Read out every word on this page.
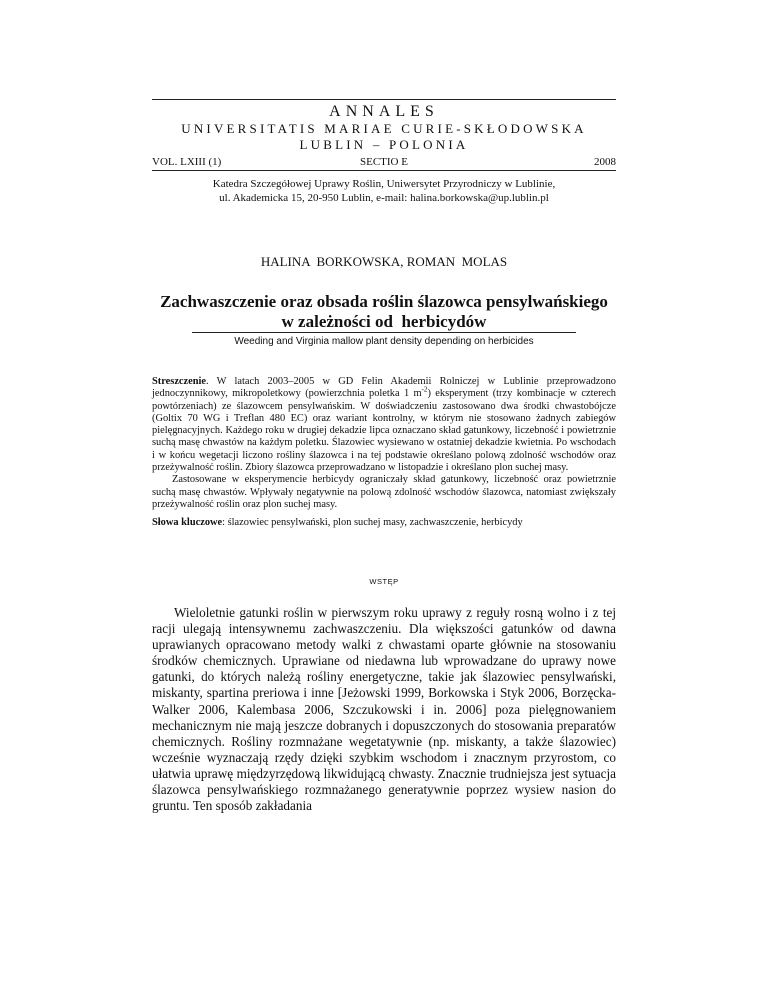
ANNALES
UNIVERSITATIS MARIAE CURIE-SKŁODOWSKA
LUBLIN – POLONIA
VOL. LXIII (1)	SECTIO E	2008
Katedra Szczegółowej Uprawy Roślin, Uniwersytet Przyrodniczy w Lublinie,
ul. Akademicka 15, 20-950 Lublin, e-mail: halina.borkowska@up.lublin.pl
HALINA  BORKOWSKA, ROMAN  MOLAS
Zachwaszczenie oraz obsada roślin ślazowca pensylwańskiego
w zależności od  herbicydów
Weeding and Virginia mallow plant density depending on herbicides
Streszczenie. W latach 2003–2005 w GD Felin Akademii Rolniczej w Lublinie przeprowadzono jednoczynnikowy, mikropoletkowy (powierzchnia poletka 1 $m^{-2}$) eksperyment (trzy kombinacje w czterech powtórzeniach) ze ślazowcem pensylwańskim. W doświadczeniu zastosowano dwa środki chwastobójcze (Goltix 70 WG i Treflan 480 EC) oraz wariant kontrolny, w którym nie stosowano żadnych zabiegów pielęgnacyjnych. Każdego roku w drugiej dekadzie lipca oznaczano skład gatunkowy, liczebność i powietrznie suchą masę chwastów na każdym poletku. Ślazowiec wysiewano w ostatniej dekadzie kwietnia. Po wschodach i w końcu wegetacji liczono rośliny ślazowca i na tej podstawie określano polową zdolność wschodów oraz przeżywalność roślin. Zbiory ślazowca przeprowadzano w listopadzie i określano plon suchej masy.
Zastosowane w eksperymencie herbicydy ograniczały skład gatunkowy, liczebność oraz powietrznie suchą masę chwastów. Wpływały negatywnie na polową zdolność wschodów ślazowca, natomiast zwiększały przeżywalność roślin oraz plon suchej masy.
Słowa kluczowe: ślazowiec pensylwański, plon suchej masy, zachwaszczenie, herbicydy
WSTĘP
Wieloletnie gatunki roślin w pierwszym roku uprawy z reguły rosną wolno i z tej racji ulegają intensywnemu zachwaszczeniu. Dla większości gatunków od dawna uprawianych opracowano metody walki z chwastami oparte głównie na stosowaniu środków chemicznych. Uprawiane od niedawna lub wprowadzane do uprawy nowe gatunki, do których należą rośliny energetyczne, takie jak ślazowiec pensylwański, miskanty, spartina preriowa i inne [Jeżowski 1999, Borkowska i Styk 2006, Borzęcka-Walker 2006, Kalembasa 2006, Szczukowski i in. 2006] poza pielęgnowaniem mechanicznym nie mają jeszcze dobranych i dopuszczonych do stosowania preparatów chemicznych. Rośliny rozmnażane wegetatywnie (np. miskanty, a także ślazowiec) wcześnie wyznaczają rzędy dzięki szybkim wschodom i znacznym przyrostom, co ułatwia uprawę międzyrzędową likwidującą chwasty. Znacznie trudniejsza jest sytuacja ślazowca pensylwańskiego rozmnażanego generatywnie poprzez wysiew nasion do gruntu. Ten sposób zakładania
